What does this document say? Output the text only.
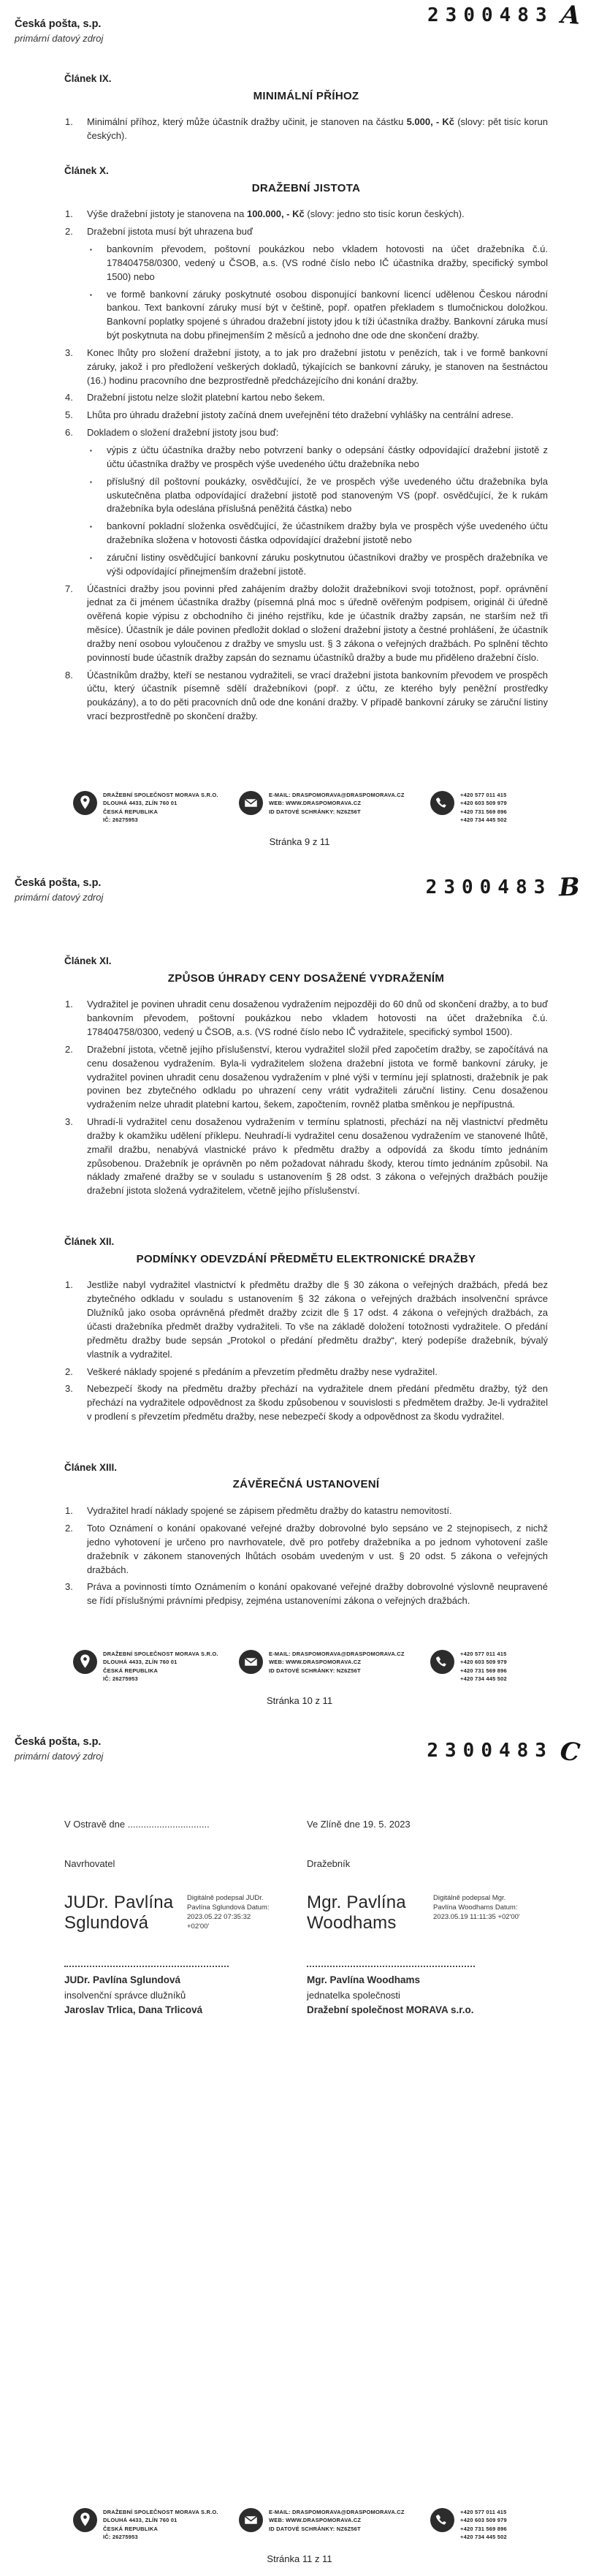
Česká pošta, s.p.
primární datový zdroj
2300483 A
Článek IX.
MINIMÁLNÍ PŘÍHOZ
1.	Minimální příhoz, který může účastník dražby učinit, je stanoven na částku 5.000, - Kč (slovy: pět tisíc korun českých).
Článek X.
DRAŽEBNÍ JISTOTA
1.	Výše dražební jistoty je stanovena na 100.000, - Kč (slovy: jedno sto tisíc korun českých).
2.	Dražební jistota musí být uhrazena buď
▪	bankovním převodem, poštovní poukázkou nebo vkladem hotovosti na účet dražebníka č.ú. 178404758/0300, vedený u ČSOB, a.s. (VS rodné číslo nebo IČ účastníka dražby, specifický symbol 1500) nebo
▪	ve formě bankovní záruky poskytnuté osobou disponující bankovní licencí udělenou Českou národní bankou. Text bankovní záruky musí být v češtině, popř. opatřen překladem s tlumočnickou doložkou. Bankovní poplatky spojené s úhradou dražební jistoty jdou k tíži účastníka dražby. Bankovní záruka musí být poskytnuta na dobu přinejmenším 2 měsíců a jednoho dne ode dne skončení dražby.
3.	Konec lhůty pro složení dražební jistoty, a to jak pro dražební jistotu v penězích, tak i ve formě bankovní záruky, jakož i pro předložení veškerých dokladů, týkajících se bankovní záruky, je stanoven na šestnáctou (16.) hodinu pracovního dne bezprostředně předcházejícího dni konání dražby.
4.	Dražební jistotu nelze složit platební kartou nebo šekem.
5.	Lhůta pro úhradu dražební jistoty začíná dnem uveřejnění této dražební vyhlášky na centrální adrese.
6.	Dokladem o složení dražební jistoty jsou buď:
▪	výpis z účtu účastníka dražby nebo potvrzení banky o odepsání částky odpovídající dražební jistotě z účtu účastníka dražby ve prospěch výše uvedeného účtu dražebníka nebo
▪	příslušný díl poštovní poukázky, osvědčující, že ve prospěch výše uvedeného účtu dražebníka byla uskutečněna platba odpovídající dražební jistotě pod stanoveným VS (popř. osvědčující, že k rukám dražebníka byla odeslána příslušná peněžitá částka) nebo
▪	bankovní pokladní složenka osvědčující, že účastníkem dražby byla ve prospěch výše uvedeného účtu dražebníka složena v hotovosti částka odpovídající dražební jistotě nebo
▪	záruční listiny osvědčující bankovní záruku poskytnutou účastníkovi dražby ve prospěch dražebníka ve výši odpovídající přinejmenším dražební jistotě.
7.	Účastníci dražby jsou povinni před zahájením dražby doložit dražebníkovi svoji totožnost, popř. oprávnění jednat za či jménem účastníka dražby (písemná plná moc s úředně ověřeným podpisem, originál či úředně ověřená kopie výpisu z obchodního či jiného rejstříku, kde je účastník dražby zapsán, ne starším než tři měsíce). Účastník je dále povinen předložit doklad o složení dražební jistoty a čestné prohlášení, že účastník dražby není osobou vyloučenou z dražby ve smyslu ust. § 3 zákona o veřejných dražbách. Po splnění těchto povinností bude účastník dražby zapsán do seznamu účastníků dražby a bude mu přiděleno dražební číslo.
8.	Účastníkům dražby, kteří se nestanou vydražiteli, se vrací dražební jistota bankovním převodem ve prospěch účtu, který účastník písemně sdělí dražebníkovi (popř. z účtu, ze kterého byly peněžní prostředky poukázány), a to do pěti pracovních dnů ode dne konání dražby. V případě bankovní záruky se záruční listiny vrací bezprostředně po skončení dražby.
DRAŽEBNÍ SPOLEČNOST MORAVA S.R.O.
DLOUHÁ 4433, ZLÍN 760 01
ČESKÁ REPUBLIKA
IČ: 26275953
E-MAIL: DRASPOMORAVA@DRASPOMORAVA.CZ
WEB: WWW.DRASPOMORAVA.CZ
ID DATOVÉ SCHRÁNKY: NZ6Z56T
+420 577 011 415
+420 603 509 979
+420 731 569 896
+420 734 445 502
Stránka 9 z 11
Česká pošta, s.p.
primární datový zdroj	2300483 B
Článek XI.
ZPŮSOB ÚHRADY CENY DOSAŽENÉ VYDRAŽENÍM
1.	Vydražitel je povinen uhradit cenu dosaženou vydražením nejpozději do 60 dnů od skončení dražby, a to buď bankovním převodem, poštovní poukázkou nebo vkladem hotovosti na účet dražebníka č.ú. 178404758/0300, vedený u ČSOB, a.s. (VS rodné číslo nebo IČ vydražitele, specifický symbol 1500).
2.	Dražební jistota, včetně jejího příslušenství, kterou vydražitel složil před započetím dražby, se započítává na cenu dosaženou vydražením. Byla-li vydražitelem složena dražební jistota ve formě bankovní záruky, je vydražitel povinen uhradit cenu dosaženou vydražením v plné výši v termínu její splatnosti, dražebník je pak povinen bez zbytečného odkladu po uhrazení ceny vrátit vydražiteli záruční listiny. Cenu dosaženou vydražením nelze uhradit platební kartou, šekem, započtením, rovněž platba směnkou je nepřípustná.
3.	Uhradí-li vydražitel cenu dosaženou vydražením v termínu splatnosti, přechází na něj vlastnictví předmětu dražby k okamžiku udělení příklepu. Neuhradí-li vydražitel cenu dosaženou vydražením ve stanovené lhůtě, zmařil dražbu, nenabývá vlastnické právo k předmětu dražby a odpovídá za škodu tímto jednáním způsobenou. Dražebník je oprávněn po něm požadovat náhradu škody, kterou tímto jednáním způsobil. Na náklady zmařené dražby se v souladu s ustanovením § 28 odst. 3 zákona o veřejných dražbách použije dražební jistota složená vydražitelem, včetně jejího příslušenství.
Článek XII.
PODMÍNKY ODEVZDÁNÍ PŘEDMĚTU ELEKTRONICKÉ DRAŽBY
1.	Jestliže nabyl vydražitel vlastnictví k předmětu dražby dle § 30 zákona o veřejných dražbách, předá bez zbytečného odkladu v souladu s ustanovením § 32 zákona o veřejných dražbách insolvenční správce Dlužníků jako osoba oprávněná předmět dražby zcizit dle § 17 odst. 4 zákona o veřejných dražbách, za účasti dražebníka předmět dražby vydražiteli. To vše na základě doložení totožnosti vydražitele. O předání předmětu dražby bude sepsán „Protokol o předání předmětu dražby“, který podepíše dražebník, bývalý vlastník a vydražitel.
2.	Veškeré náklady spojené s předáním a převzetím předmětu dražby nese vydražitel.
3.	Nebezpečí škody na předmětu dražby přechází na vydražitele dnem předání předmětu dražby, týž den přechází na vydražitele odpovědnost za škodu způsobenou v souvislosti s předmětem dražby. Je-li vydražitel v prodlení s převzetím předmětu dražby, nese nebezpečí škody a odpovědnost za škodu vydražitel.
Článek XIII.
ZÁVĚREČNÁ USTANOVENÍ
1.	Vydražitel hradí náklady spojené se zápisem předmětu dražby do katastru nemovitostí.
2.	Toto Oznámení o konání opakované veřejné dražby dobrovolné bylo sepsáno ve 2 stejnopisech, z nichž jedno vyhotovení je určeno pro navrhovatele, dvě pro potřeby dražebníka a po jednom vyhotovení zašle dražebník v zákonem stanovených lhůtách osobám uvedeným v ust. § 20 odst. 5 zákona o veřejných dražbách.
3.	Práva a povinnosti tímto Oznámením o konání opakované veřejné dražby dobrovolné výslovně neupravené se řídí příslušnými právními předpisy, zejména ustanoveními zákona o veřejných dražbách.
DRAŽEBNÍ SPOLEČNOST MORAVA S.R.O.
DLOUHÁ 4433, ZLÍN 760 01
ČESKÁ REPUBLIKA
IČ: 26275953
E-MAIL: DRASPOMORAVA@DRASPOMORAVA.CZ
WEB: WWW.DRASPOMORAVA.CZ
ID DATOVÉ SCHRÁNKY: NZ6Z56T
+420 577 011 415
+420 603 509 979
+420 731 569 896
+420 734 445 502
Stránka 10 z 11
Česká pošta, s.p.
primární datový zdroj	2300483 C
V Ostravě dne ...............................
Navrhovatel
JUDr. Pavlína Sglundová
Digitálně podepsal JUDr. Pavlína Sglundová Datum: 2023.05.22 07:35:32 +02'00'
JUDr. Pavlína Sglundová
insolvenční správce dlužníků
Jaroslav Trlica, Dana Trlicová
Ve Zlíně dne 19. 5. 2023
Dražebník
Mgr. Pavlína Woodhams
Digitálně podepsal Mgr. Pavlína Woodhams Datum: 2023.05.19 11:11:35 +02'00'
Mgr. Pavlína Woodhams
jednatelka společnosti
Dražební společnost MORAVA s.r.o.
DRAŽEBNÍ SPOLEČNOST MORAVA S.R.O.
DLOUHÁ 4433, ZLÍN 760 01
ČESKÁ REPUBLIKA
IČ: 26275953
E-MAIL: DRASPOMORAVA@DRASPOMORAVA.CZ
WEB: WWW.DRASPOMORAVA.CZ
ID DATOVÉ SCHRÁNKY: NZ6Z56T
+420 577 011 415
+420 603 509 979
+420 731 569 896
+420 734 445 502
Stránka 11 z 11
